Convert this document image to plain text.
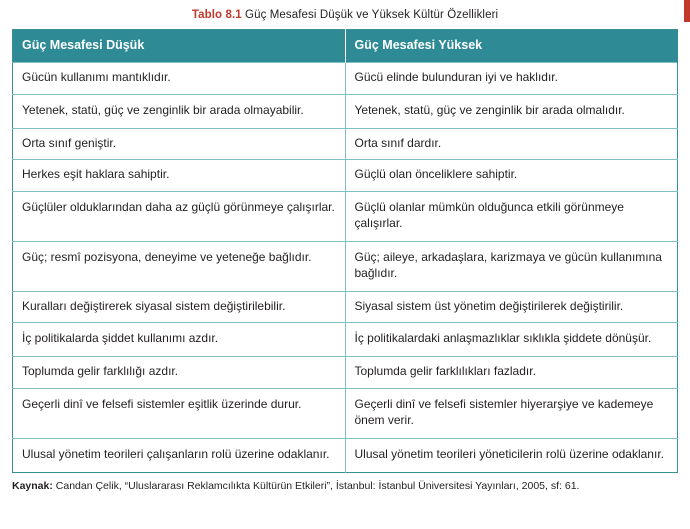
Tablo 8.1 Güç Mesafesi Düşük ve Yüksek Kültür Özellikleri
Güç Mesafesi Düşük	Güç Mesafesi Yüksek
Gücün kullanımı mantıklıdır.	Gücü elinde bulunduran iyi ve haklıdır.
Yetenek, statü, güç ve zenginlik bir arada olmayabilir.	Yetenek, statü, güç ve zenginlik bir arada olmalıdır.
Orta sınıf geniştir.	Orta sınıf dardır.
Herkes eşit haklara sahiptir.	Güçlü olan önceliklere sahiptir.
Güçlüler olduklarından daha az güçlü görünmeye çalışırlar.	Güçlü olanlar mümkün olduğunca etkili görünmeye çalışırlar.
Güç; resmî pozisyona, deneyime ve yeteneğe bağlıdır.	Güç; aileye, arkadaşlara, karizmaya ve gücün kullanımına bağlıdır.
Kuralları değiştirerek siyasal sistem değiştirilebilir.	Siyasal sistem üst yönetim değiştirilerek değiştirilir.
İç politikalarda şiddet kullanımı azdır.	İç politikalardaki anlaşmazlıklar sıklıkla şiddete dönüşür.
Toplumda gelir farklılığı azdır.	Toplumda gelir farklılıkları fazladır.
Geçerli dinî ve felsefi sistemler eşitlik üzerinde durur.	Geçerli dinî ve felsefi sistemler hiyerarşiye ve kademeye önem verir.
Ulusal yönetim teorileri çalışanların rolü üzerine odaklanır.	Ulusal yönetim teorileri yöneticilerin rolü üzerine odaklanır.
Kaynak: Candan Çelik, “Uluslararası Reklamcılıkta Kültürün Etkileri”, İstanbul: İstanbul Üniversitesi Yayınları, 2005, sf: 61.
